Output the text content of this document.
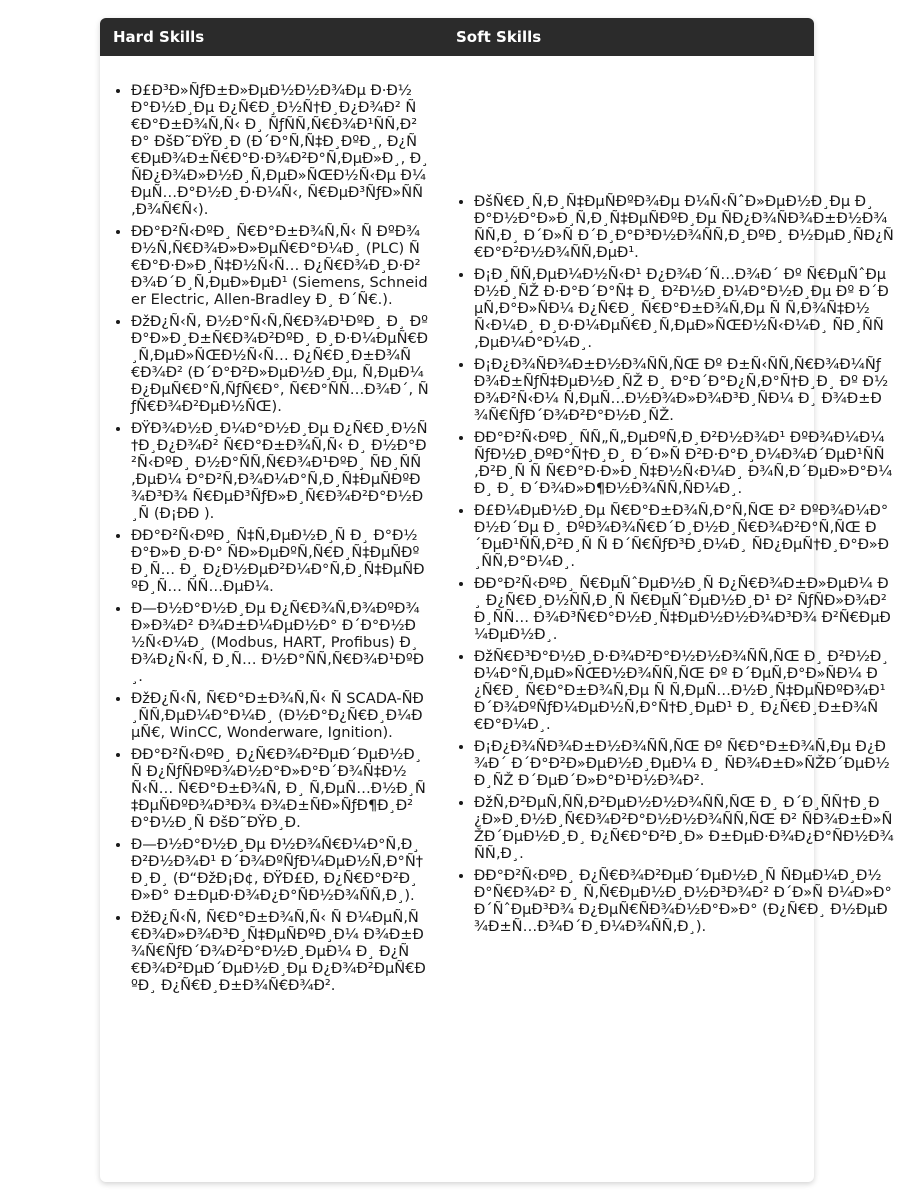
Hard Skills	Soft Skills
• Ð£Ð³Ð»ÑƒÐ±Ð»ÐµÐ½Ð½Ð¾Ðµ Ð·Ð½Ð°Ð½Ð¸Ðµ Ð¿Ñ€Ð¸Ð½Ñ†Ð¸Ð¿Ð¾Ð² Ñ€Ð°Ð±Ð¾Ñ‚Ñ‹ Ð¸ ÑƒÑÑ‚Ñ€Ð¾Ð¹ÑÑ‚Ð²Ð° ÐšÐ˜ÐŸÐ¸Ð (Ð´Ð°Ñ‚Ñ‡Ð¸ÐºÐ¸, Ð¿Ñ€ÐµÐ¾Ð±Ñ€Ð°Ð·Ð¾Ð²Ð°Ñ‚ÐµÐ»Ð¸, Ð¸ÑÐ¿Ð¾Ð»Ð½Ð¸Ñ‚ÐµÐ»ÑŒÐ½Ñ‹Ðµ Ð¼ÐµÑ…Ð°Ð½Ð¸Ð·Ð¼Ñ‹, Ñ€ÐµÐ³ÑƒÐ»ÑÑ‚Ð¾Ñ€Ñ‹).
• ÐÐ°Ð²Ñ‹ÐºÐ¸ Ñ€Ð°Ð±Ð¾Ñ‚Ñ‹ Ñ ÐºÐ¾Ð½Ñ‚Ñ€Ð¾Ð»Ð»ÐµÑ€Ð°Ð¼Ð¸ (PLC) Ñ€Ð°Ð·Ð»Ð¸Ñ‡Ð½Ñ‹Ñ… Ð¿Ñ€Ð¾Ð¸Ð·Ð²Ð¾Ð´Ð¸Ñ‚ÐµÐ»ÐµÐ¹ (Siemens, Schneider Electric, Allen-Bradley Ð¸ Ð´Ñ€.).
• ÐžÐ¿Ñ‹Ñ‚ Ð½Ð°Ñ‹Ñ‚Ñ€Ð¾Ð¹ÐºÐ¸ Ð¸ ÐºÐ°Ð»Ð¸Ð±Ñ€Ð¾Ð²ÐºÐ¸ Ð¸Ð·Ð¼ÐµÑ€Ð¸Ñ‚ÐµÐ»ÑŒÐ½Ñ‹Ñ… Ð¿Ñ€Ð¸Ð±Ð¾Ñ€Ð¾Ð² (Ð´Ð°Ð²Ð»ÐµÐ½Ð¸Ðµ, Ñ‚ÐµÐ¼Ð¿ÐµÑ€Ð°Ñ‚ÑƒÑ€Ð°, Ñ€Ð°ÑÑ…Ð¾Ð´, ÑƒÑ€Ð¾Ð²ÐµÐ½ÑŒ).
• ÐŸÐ¾Ð½Ð¸Ð¼Ð°Ð½Ð¸Ðµ Ð¿Ñ€Ð¸Ð½Ñ†Ð¸Ð¿Ð¾Ð² Ñ€Ð°Ð±Ð¾Ñ‚Ñ‹ Ð¸ Ð½Ð°Ð²Ñ‹ÐºÐ¸ Ð½Ð°ÑÑ‚Ñ€Ð¾Ð¹ÐºÐ¸ ÑÐ¸ÑÑ‚ÐµÐ¼ Ð°Ð²Ñ‚Ð¾Ð¼Ð°Ñ‚Ð¸Ñ‡ÐµÑÐºÐ¾Ð³Ð¾ Ñ€ÐµÐ³ÑƒÐ»Ð¸Ñ€Ð¾Ð²Ð°Ð½Ð¸Ñ (Ð¡ÐÐ ).
• ÐÐ°Ð²Ñ‹ÐºÐ¸ Ñ‡Ñ‚ÐµÐ½Ð¸Ñ Ð¸ Ð°Ð½Ð°Ð»Ð¸Ð·Ð° ÑÐ»ÐµÐºÑ‚Ñ€Ð¸Ñ‡ÐµÑÐºÐ¸Ñ… Ð¸ Ð¿Ð½ÐµÐ²Ð¼Ð°Ñ‚Ð¸Ñ‡ÐµÑÐºÐ¸Ñ… ÑÑ…ÐµÐ¼.
• Ð—Ð½Ð°Ð½Ð¸Ðµ Ð¿Ñ€Ð¾Ñ‚Ð¾ÐºÐ¾Ð»Ð¾Ð² Ð¾Ð±Ð¼ÐµÐ½Ð° Ð´Ð°Ð½Ð½Ñ‹Ð¼Ð¸ (Modbus, HART, Profibus) Ð¸ Ð¾Ð¿Ñ‹Ñ‚ Ð¸Ñ… Ð½Ð°ÑÑ‚Ñ€Ð¾Ð¹ÐºÐ¸.
• ÐžÐ¿Ñ‹Ñ‚ Ñ€Ð°Ð±Ð¾Ñ‚Ñ‹ Ñ SCADA-ÑÐ¸ÑÑ‚ÐµÐ¼Ð°Ð¼Ð¸ (Ð½Ð°Ð¿Ñ€Ð¸Ð¼ÐµÑ€, WinCC, Wonderware, Ignition).
• ÐÐ°Ð²Ñ‹ÐºÐ¸ Ð¿Ñ€Ð¾Ð²ÐµÐ´ÐµÐ½Ð¸Ñ Ð¿ÑƒÑÐºÐ¾Ð½Ð°Ð»Ð°Ð´Ð¾Ñ‡Ð½Ñ‹Ñ… Ñ€Ð°Ð±Ð¾Ñ‚ Ð¸ Ñ‚ÐµÑ…Ð½Ð¸Ñ‡ÐµÑÐºÐ¾Ð³Ð¾ Ð¾Ð±ÑÐ»ÑƒÐ¶Ð¸Ð²Ð°Ð½Ð¸Ñ ÐšÐ˜ÐŸÐ¸Ð.
• Ð—Ð½Ð°Ð½Ð¸Ðµ Ð½Ð¾Ñ€Ð¼Ð°Ñ‚Ð¸Ð²Ð½Ð¾Ð¹ Ð´Ð¾ÐºÑƒÐ¼ÐµÐ½Ñ‚Ð°Ñ†Ð¸Ð¸ (Ð“ÐžÐ¡Ð¢, ÐŸÐ£Ð, Ð¿Ñ€Ð°Ð²Ð¸Ð»Ð° Ð±ÐµÐ·Ð¾Ð¿Ð°ÑÐ½Ð¾ÑÑ‚Ð¸).
• ÐžÐ¿Ñ‹Ñ‚ Ñ€Ð°Ð±Ð¾Ñ‚Ñ‹ Ñ Ð¼ÐµÑ‚Ñ€Ð¾Ð»Ð¾Ð³Ð¸Ñ‡ÐµÑÐºÐ¸Ð¼ Ð¾Ð±Ð¾Ñ€ÑƒÐ´Ð¾Ð²Ð°Ð½Ð¸ÐµÐ¼ Ð¸ Ð¿Ñ€Ð¾Ð²ÐµÐ´ÐµÐ½Ð¸Ðµ Ð¿Ð¾Ð²ÐµÑ€ÐºÐ¸ Ð¿Ñ€Ð¸Ð±Ð¾Ñ€Ð¾Ð².
• ÐšÑ€Ð¸Ñ‚Ð¸Ñ‡ÐµÑÐºÐ¾Ðµ Ð¼Ñ‹ÑˆÐ»ÐµÐ½Ð¸Ðµ Ð¸ Ð°Ð½Ð°Ð»Ð¸Ñ‚Ð¸Ñ‡ÐµÑÐºÐ¸Ðµ ÑÐ¿Ð¾ÑÐ¾Ð±Ð½Ð¾ÑÑ‚Ð¸ Ð´Ð»Ñ Ð´Ð¸Ð°Ð³Ð½Ð¾ÑÑ‚Ð¸ÐºÐ¸ Ð½ÐµÐ¸ÑÐ¿Ñ€Ð°Ð²Ð½Ð¾ÑÑ‚ÐµÐ¹.
• Ð¡Ð¸ÑÑ‚ÐµÐ¼Ð½Ñ‹Ð¹ Ð¿Ð¾Ð´Ñ…Ð¾Ð´ Ðº Ñ€ÐµÑˆÐµÐ½Ð¸ÑŽ Ð·Ð°Ð´Ð°Ñ‡ Ð¸ Ð²Ð½Ð¸Ð¼Ð°Ð½Ð¸Ðµ Ðº Ð´ÐµÑ‚Ð°Ð»ÑÐ¼ Ð¿Ñ€Ð¸ Ñ€Ð°Ð±Ð¾Ñ‚Ðµ Ñ Ñ‚Ð¾Ñ‡Ð½Ñ‹Ð¼Ð¸ Ð¸Ð·Ð¼ÐµÑ€Ð¸Ñ‚ÐµÐ»ÑŒÐ½Ñ‹Ð¼Ð¸ ÑÐ¸ÑÑ‚ÐµÐ¼Ð°Ð¼Ð¸.
• Ð¡Ð¿Ð¾ÑÐ¾Ð±Ð½Ð¾ÑÑ‚ÑŒ Ðº Ð±Ñ‹ÑÑ‚Ñ€Ð¾Ð¼Ñƒ Ð¾Ð±ÑƒÑ‡ÐµÐ½Ð¸ÑŽ Ð¸ Ð°Ð´Ð°Ð¿Ñ‚Ð°Ñ†Ð¸Ð¸ Ðº Ð½Ð¾Ð²Ñ‹Ð¼ Ñ‚ÐµÑ…Ð½Ð¾Ð»Ð¾Ð³Ð¸ÑÐ¼ Ð¸ Ð¾Ð±Ð¾Ñ€ÑƒÐ´Ð¾Ð²Ð°Ð½Ð¸ÑŽ.
• ÐÐ°Ð²Ñ‹ÐºÐ¸ ÑÑ„Ñ„ÐµÐºÑ‚Ð¸Ð²Ð½Ð¾Ð¹ ÐºÐ¾Ð¼Ð¼ÑƒÐ½Ð¸ÐºÐ°Ñ†Ð¸Ð¸ Ð´Ð»Ñ Ð²Ð·Ð°Ð¸Ð¼Ð¾Ð´ÐµÐ¹ÑÑ‚Ð²Ð¸Ñ Ñ Ñ€Ð°Ð·Ð»Ð¸Ñ‡Ð½Ñ‹Ð¼Ð¸ Ð¾Ñ‚Ð´ÐµÐ»Ð°Ð¼Ð¸ Ð¸ Ð´Ð¾Ð»Ð¶Ð½Ð¾ÑÑ‚ÑÐ¼Ð¸.
• Ð£Ð¼ÐµÐ½Ð¸Ðµ Ñ€Ð°Ð±Ð¾Ñ‚Ð°Ñ‚ÑŒ Ð² ÐºÐ¾Ð¼Ð°Ð½Ð´Ðµ Ð¸ ÐºÐ¾Ð¾Ñ€Ð´Ð¸Ð½Ð¸Ñ€Ð¾Ð²Ð°Ñ‚ÑŒ Ð´ÐµÐ¹ÑÑ‚Ð²Ð¸Ñ Ñ Ð´Ñ€ÑƒÐ³Ð¸Ð¼Ð¸ ÑÐ¿ÐµÑ†Ð¸Ð°Ð»Ð¸ÑÑ‚Ð°Ð¼Ð¸.
• ÐÐ°Ð²Ñ‹ÐºÐ¸ Ñ€ÐµÑˆÐµÐ½Ð¸Ñ Ð¿Ñ€Ð¾Ð±Ð»ÐµÐ¼ Ð¸ Ð¿Ñ€Ð¸Ð½ÑÑ‚Ð¸Ñ Ñ€ÐµÑˆÐµÐ½Ð¸Ð¹ Ð² ÑƒÑÐ»Ð¾Ð²Ð¸ÑÑ… Ð¾Ð³Ñ€Ð°Ð½Ð¸Ñ‡ÐµÐ½Ð½Ð¾Ð³Ð¾ Ð²Ñ€ÐµÐ¼ÐµÐ½Ð¸.
• ÐžÑ€Ð³Ð°Ð½Ð¸Ð·Ð¾Ð²Ð°Ð½Ð½Ð¾ÑÑ‚ÑŒ Ð¸ Ð²Ð½Ð¸Ð¼Ð°Ñ‚ÐµÐ»ÑŒÐ½Ð¾ÑÑ‚ÑŒ Ðº Ð´ÐµÑ‚Ð°Ð»ÑÐ¼ Ð¿Ñ€Ð¸ Ñ€Ð°Ð±Ð¾Ñ‚Ðµ Ñ Ñ‚ÐµÑ…Ð½Ð¸Ñ‡ÐµÑÐºÐ¾Ð¹ Ð´Ð¾ÐºÑƒÐ¼ÐµÐ½Ñ‚Ð°Ñ†Ð¸ÐµÐ¹ Ð¸ Ð¿Ñ€Ð¸Ð±Ð¾Ñ€Ð°Ð¼Ð¸.
• Ð¡Ð¿Ð¾ÑÐ¾Ð±Ð½Ð¾ÑÑ‚ÑŒ Ðº Ñ€Ð°Ð±Ð¾Ñ‚Ðµ Ð¿Ð¾Ð´ Ð´Ð°Ð²Ð»ÐµÐ½Ð¸ÐµÐ¼ Ð¸ ÑÐ¾Ð±Ð»ÑŽÐ´ÐµÐ½Ð¸ÑŽ Ð´ÐµÐ´Ð»Ð°Ð¹Ð½Ð¾Ð².
• ÐžÑ‚Ð²ÐµÑ‚ÑÑ‚Ð²ÐµÐ½Ð½Ð¾ÑÑ‚ÑŒ Ð¸ Ð´Ð¸ÑÑ†Ð¸Ð¿Ð»Ð¸Ð½Ð¸Ñ€Ð¾Ð²Ð°Ð½Ð½Ð¾ÑÑ‚ÑŒ Ð² ÑÐ¾Ð±Ð»ÑŽÐ´ÐµÐ½Ð¸Ð¸ Ð¿Ñ€Ð°Ð²Ð¸Ð» Ð±ÐµÐ·Ð¾Ð¿Ð°ÑÐ½Ð¾ÑÑ‚Ð¸.
• ÐÐ°Ð²Ñ‹ÐºÐ¸ Ð¿Ñ€Ð¾Ð²ÐµÐ´ÐµÐ½Ð¸Ñ ÑÐµÐ¼Ð¸Ð½Ð°Ñ€Ð¾Ð² Ð¸ Ñ‚Ñ€ÐµÐ½Ð¸Ð½Ð³Ð¾Ð² Ð´Ð»Ñ Ð¼Ð»Ð°Ð´ÑˆÐµÐ³Ð¾ Ð¿ÐµÑ€ÑÐ¾Ð½Ð°Ð»Ð° (Ð¿Ñ€Ð¸ Ð½ÐµÐ¾Ð±Ñ…Ð¾Ð´Ð¸Ð¼Ð¾ÑÑ‚Ð¸).
